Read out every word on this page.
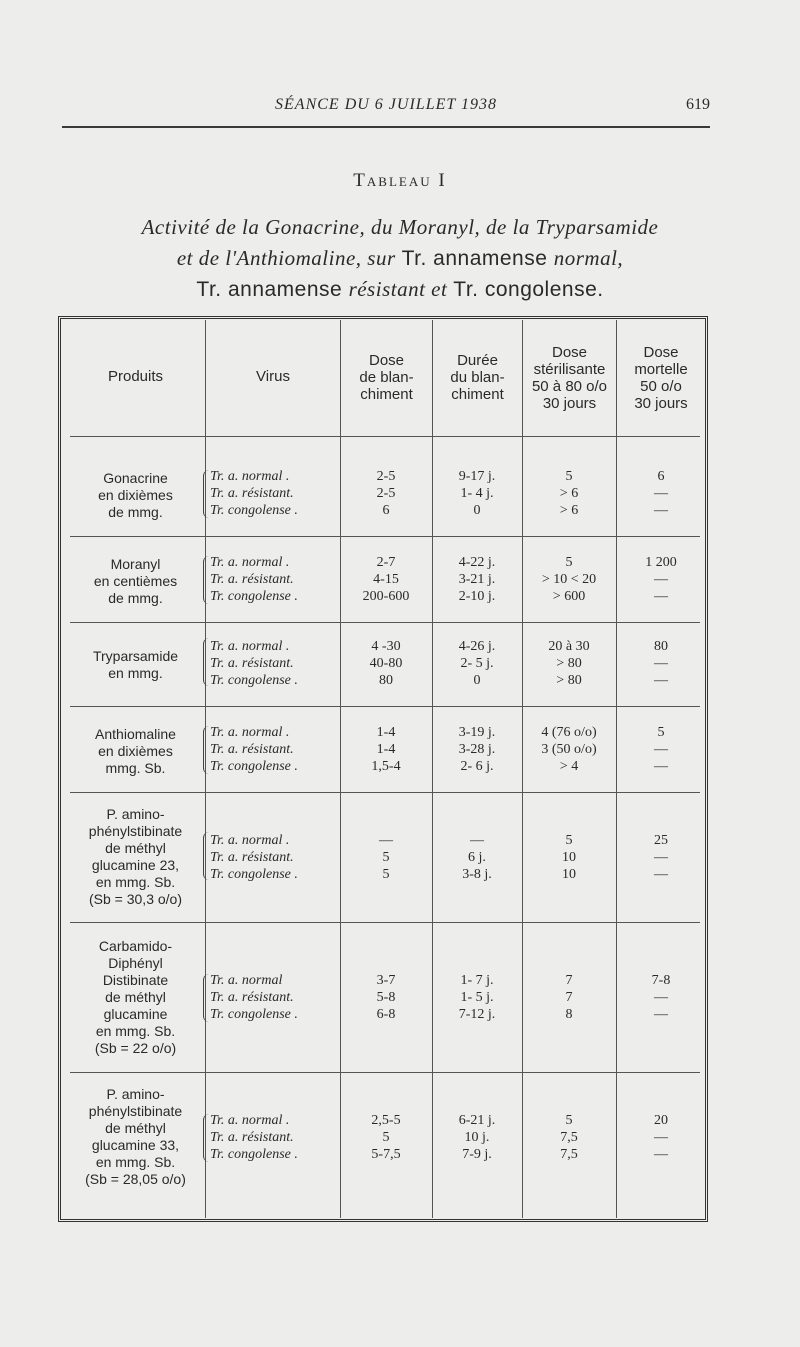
SÉANCE DU 6 JUILLET 1938	619
Tableau I
Activité de la Gonacrine, du Moranyl, de la Tryparsamide
et de l'Anthiomaline, sur Tr. annamense normal,
Tr. annamense résistant et Tr. congolense.
Produits	Virus
Dose
de blan-
chiment
Durée
du blan-
chiment
Dose
stérilisante
50 à 80 o/o
30 jours
Dose
mortelle
50 o/o
30 jours
Gonacrine
en dixièmes
de mmg.
Tr. a. normal .
Tr. a. résistant.
Tr. congolense .
2-5
2-5
6
9-17 j.
1- 4 j.
0
5
> 6
> 6
6
—
—
Moranyl
en centièmes
de mmg.
Tr. a. normal .
Tr. a. résistant.
Tr. congolense .
2-7
4-15
200-600
4-22 j.
3-21 j.
2-10 j.
5
> 10 < 20
> 600
1 200
—
—
Tryparsamide
en mmg.
Tr. a. normal .
Tr. a. résistant.
Tr. congolense .
4 -30
40-80
80
4-26 j.
2- 5 j.
0
20 à 30
> 80
> 80
80
—
—
Anthiomaline
en dixièmes
mmg. Sb.
Tr. a. normal .
Tr. a. résistant.
Tr. congolense .
1-4
1-4
1,5-4
3-19 j.
3-28 j.
2- 6 j.
4 (76 o/o)
3 (50 o/o)
> 4
5
—
—
P. amino-
phénylstibinate
de méthyl
glucamine 23,
en mmg. Sb.
(Sb = 30,3 o/o)
Tr. a. normal .
Tr. a. résistant.
Tr. congolense .
—
5
5
—
6 j.
3-8 j.
5
10
10
25
—
—
Carbamido-
Diphényl
Distibinate
de méthyl
glucamine
en mmg. Sb.
(Sb = 22 o/o)
Tr. a. normal
Tr. a. résistant.
Tr. congolense .
3-7
5-8
6-8
1- 7 j.
1- 5 j.
7-12 j.
7
7
8
7-8
—
—
P. amino-
phénylstibinate
de méthyl
glucamine 33,
en mmg. Sb.
(Sb = 28,05 o/o)
Tr. a. normal .
Tr. a. résistant.
Tr. congolense .
2,5-5
5
5-7,5
6-21 j.
10 j.
7-9 j.
5
7,5
7,5
20
—
—
